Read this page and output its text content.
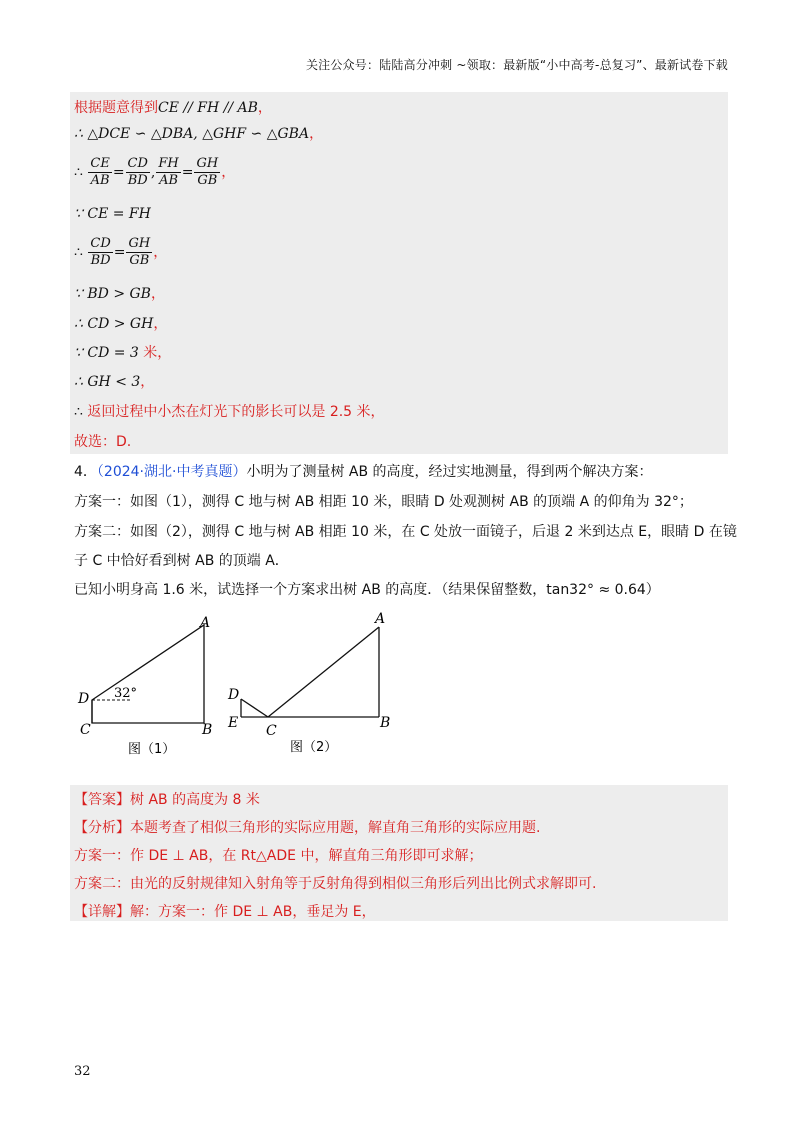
关注公众号：陆陆高分冲刺 ~领取：最新版“小中高考-总复习”、最新试卷下载
根据题意得到CE // FH // AB，
∴ △DCE ∽ △DBA, △GHF ∽ △GBA，
∴ $\frac{CE}{AB} = \frac{CD}{BD}$ , $\frac{FH}{AB} = \frac{GH}{GB}$ ，
∵ CE = FH
∴ $\frac{CD}{BD} = \frac{GH}{GB}$ ，
∵ BD > GB，
∴ CD > GH，
∵ CD = 3 米，
∴ GH < 3，
∴ 返回过程中小杰在灯光下的影长可以是 2.5 米，
故选：D.
4．（2024·湖北·中考真题）小明为了测量树 AB 的高度，经过实地测量，得到两个解决方案：
方案一：如图（1），测得 C 地与树 AB 相距 10 米，眼睛 D 处观测树 AB 的顶端 A 的仰角为 32°；
方案二：如图（2），测得 C 地与树 AB 相距 10 米，在 C 处放一面镜子，后退 2 米到达点 E，眼睛 D 在镜
子 C 中恰好看到树 AB 的顶端 A．
已知小明身高 1.6 米，试选择一个方案求出树 AB 的高度．（结果保留整数，tan32° ≈ 0.64）
A
D 32°
C	B
图（1）
A
D
E C	B
图（2）
【答案】树 AB 的高度为 8 米
【分析】本题考查了相似三角形的实际应用题，解直角三角形的实际应用题.
方案一：作 DE ⊥ AB，在 Rt△ADE 中，解直角三角形即可求解；
方案二：由光的反射规律知入射角等于反射角得到相似三角形后列出比例式求解即可.
【详解】解：方案一：作 DE ⊥ AB，垂足为 E，
32
